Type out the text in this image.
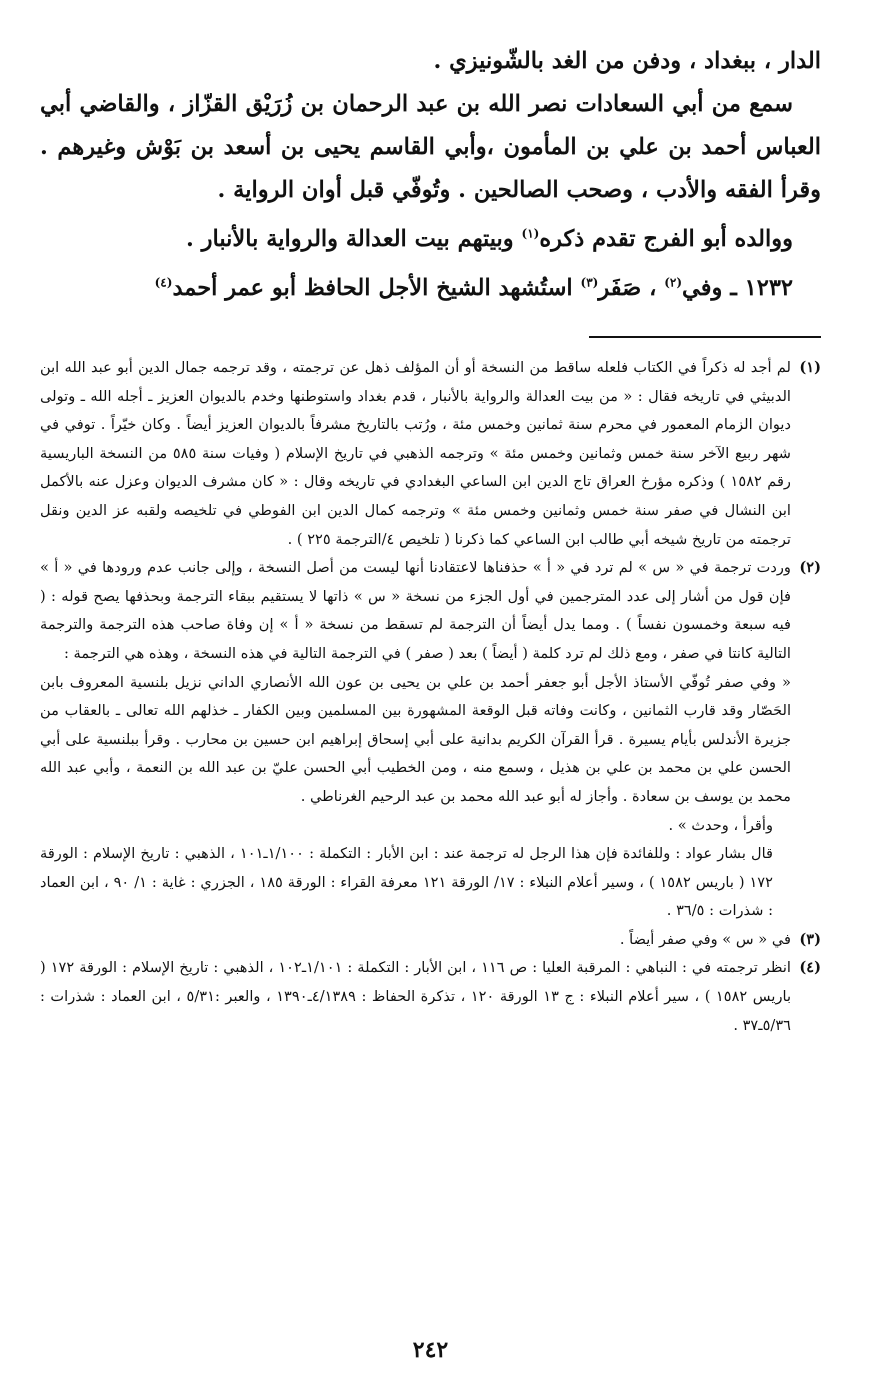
الدار ، ببغداد ، ودفن من الغد بالشّونيزي .

سمع من أبي السعادات نصر الله بن عبد الرحمان بن زُرَيْق القزّاز ، والقاضي أبي العباس أحمد بن علي بن المأمون ،وأبي القاسم يحيى بن أسعد بن بَوْش وغيرهم . وقرأ الفقه والأدب ، وصحب الصالحين . وتُوفّي قبل أوان الرواية .

ووالده أبو الفرج تقدم ذكره$^{(١)}$ وبيتهم بيت العدالة والرواية بالأنبار .

١٢٣٢ ـ وفي$^{(٢)}$ ، صَفَر$^{(٣)}$ استُشهد الشيخ الأجل الحافظ أبو عمر أحمد$^{(٤)}$

(١)

لم أجد له ذكراً في الكتاب فلعله ساقط من النسخة أو أن المؤلف ذهل عن ترجمته ، وقد ترجمه جمال الدين أبو عبد الله ابن الدبيثي في تاريخه فقال : « من بيت العدالة والرواية بالأنبار ، قدم بغداد واستوطنها وخدم بالديوان العزيز ـ أجله الله ـ وتولى ديوان الزمام المعمور في محرم سنة ثمانين وخمس مئة ، ورُتب بالتاريخ مشرفاً بالديوان العزيز أيضاً . وكان خيّراً . توفي في شهر ربيع الآخر سنة خمس وثمانين وخمس مئة » وترجمه الذهبي في تاريخ الإسلام ( وفيات سنة ٥٨٥ من النسخة الباريسية رقم ١٥٨٢ ) وذكره مؤرخ العراق تاج الدين ابن الساعي البغدادي في تاريخه وقال : « كان مشرف الديوان وعزل عنه بالأكمل ابن النشال في صفر سنة خمس وثمانين وخمس مئة » وترجمه كمال الدين ابن الفوطي في تلخيصه ولقبه عز الدين ونقل ترجمته من تاريخ شيخه أبي طالب ابن الساعي كما ذكرنا ( تلخيص ٤/الترجمة ٢٢٥ ) .

(٢)

وردت ترجمة في « س » لم ترد في « أ » حذفناها لاعتقادنا أنها ليست من أصل النسخة ، وإلى جانب عدم ورودها في « أ » فإن قول من أشار إلى عدد المترجمين في أول الجزء من نسخة « س » ذاتها لا يستقيم ببقاء الترجمة وبحذفها يصح قوله : ( فيه سبعة وخمسون نفساً ) . ومما يدل أيضاً أن الترجمة لم تسقط من نسخة « أ » إن وفاة صاحب هذه الترجمة والترجمة التالية كانتا في صفر ، ومع ذلك لم ترد كلمة ( أيضاً ) بعد ( صفر ) في الترجمة التالية في هذه النسخة ، وهذه هي الترجمة :

« وفي صفر تُوفّي الأستاذ الأجل أبو جعفر أحمد بن علي بن يحيى بن عون الله الأنصاري الداني نزيل بلنسية المعروف بابن الحَصّار وقد قارب الثمانين ، وكانت وفاته قبل الوقعة المشهورة بين المسلمين وبين الكفار ـ خذلهم الله تعالى ـ بالعقاب من جزيرة الأندلس بأيام يسيرة . قرأ القرآن الكريم بدانية على أبي إسحاق إبراهيم ابن حسين بن محارب . وقرأ ببلنسية على أبي الحسن علي بن محمد بن علي بن هذيل ، وسمع منه ، ومن الخطيب أبي الحسن عليّ بن عبد الله بن النعمة ، وأبي عبد الله محمد بن يوسف بن سعادة . وأجاز له أبو عبد الله محمد بن عبد الرحيم الغرناطي .

وأقرأ ، وحدث » .

قال بشار عواد : وللفائدة فإن هذا الرجل له ترجمة عند : ابن الأبار : التكملة : ١/١٠٠ـ١٠١ ، الذهبي : تاريخ الإسلام : الورقة ١٧٢ ( باريس ١٥٨٢ ) ، وسير أعلام النبلاء : ١٧/ الورقة ١٢١ معرفة القراء : الورقة ١٨٥ ، الجزري : غاية : ١/ ٩٠ ، ابن العماد : شذرات : ٣٦/٥ .

(٣)

في « س » وفي صفر أيضاً .

(٤)

انظر ترجمته في : النباهي : المرقبة العليا : ص ١١٦ ، ابن الأبار : التكملة : ١/١٠١ـ١٠٢ ، الذهبي : تاريخ الإسلام : الورقة ١٧٢ ( باريس ١٥٨٢ ) ، سير أعلام النبلاء : ج ١٣ الورقة ١٢٠ ، تذكرة الحفاظ : ٤/١٣٨٩ـ١٣٩٠ ، والعبر :٥/٣١ ، ابن العماد : شذرات : ٥/٣٦ـ٣٧ .

٢٤٢
